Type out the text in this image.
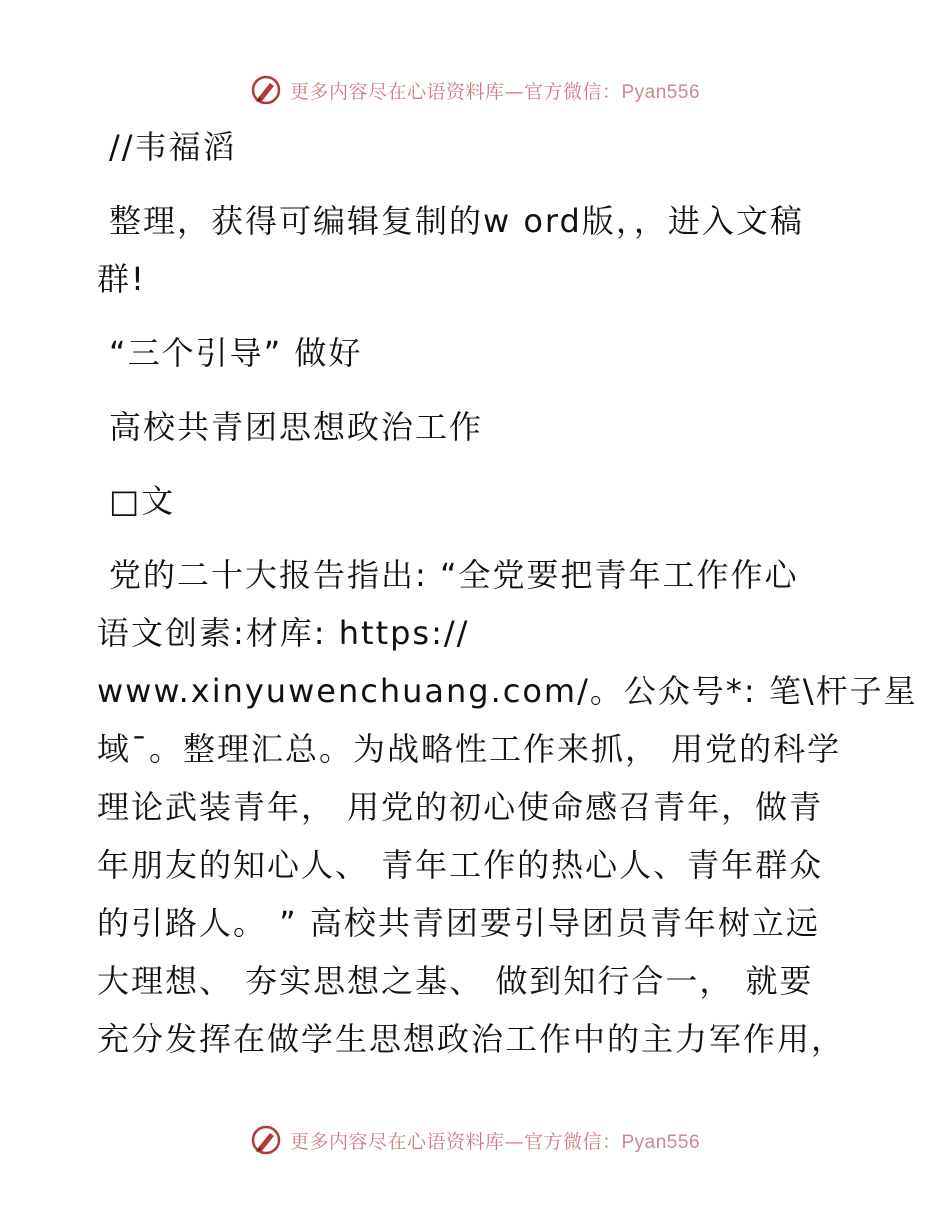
更多内容尽在心语资料库—官方微信：Pyan556
//韦福滔
整理，获得可编辑复制的w ord版，，进入文稿
群!
“三个引导” 做好
高校共青团思想政治工作
□文
党的二十大报告指出: “全党要把青年工作作心
语文创素:材库: https://
www.xinyuwenchuang.com/。公众号*: 笔\杆子星
域¯。整理汇总。为战略性工作来抓， 用党的科学
理论武装青年， 用党的初心使命感召青年，做青
年朋友的知心人、 青年工作的热心人、青年群众
的引路人。 ” 高校共青团要引导团员青年树立远
大理想、 夯实思想之基、 做到知行合一， 就要
充分发挥在做学生思想政治工作中的主力军作用，
更多内容尽在心语资料库—官方微信：Pyan556
